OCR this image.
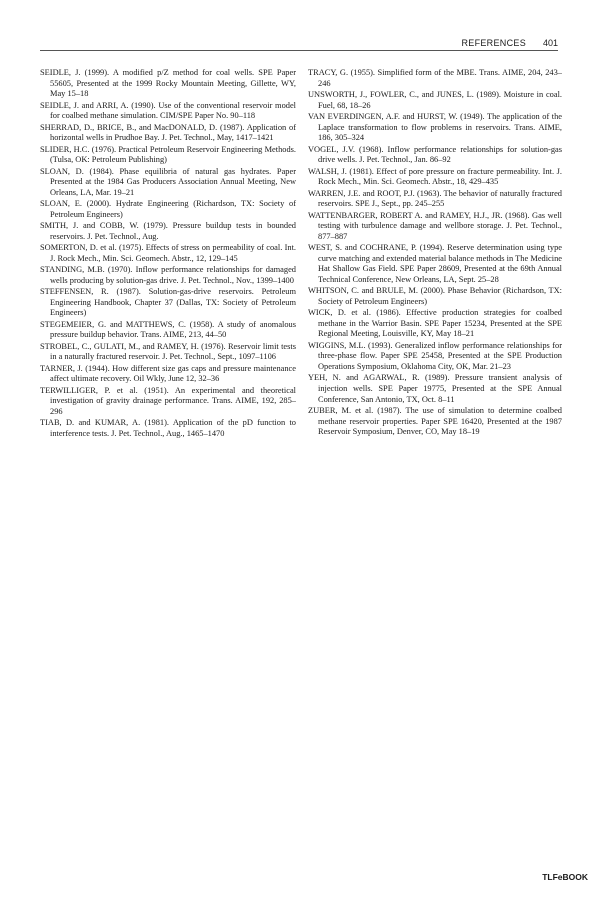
REFERENCES 401

SEIDLE, J. (1999). A modified p/Z method for coal wells. SPE Paper 55605, Presented at the 1999 Rocky Mountain Meeting, Gillette, WY, May 15–18

SEIDLE, J. and ARRI, A. (1990). Use of the conventional reservoir model for coalbed methane simulation. CIM/SPE Paper No. 90–118

SHERRAD, D., BRICE, B., and MacDONALD, D. (1987). Application of horizontal wells in Prudhoe Bay. J. Pet. Technol., May, 1417–1421

SLIDER, H.C. (1976). Practical Petroleum Reservoir Engineering Methods. (Tulsa, OK: Petroleum Publishing)

SLOAN, D. (1984). Phase equilibria of natural gas hydrates. Paper Presented at the 1984 Gas Producers Association Annual Meeting, New Orleans, LA, Mar. 19–21

SLOAN, E. (2000). Hydrate Engineering (Richardson, TX: Society of Petroleum Engineers)

SMITH, J. and COBB, W. (1979). Pressure buildup tests in bounded reservoirs. J. Pet. Technol., Aug.

SOMERTON, D. et al. (1975). Effects of stress on permeability of coal. Int. J. Rock Mech., Min. Sci. Geomech. Abstr., 12, 129–145

STANDING, M.B. (1970). Inflow performance relationships for damaged wells producing by solution-gas drive. J. Pet. Technol., Nov., 1399–1400

STEFFENSEN, R. (1987). Solution-gas-drive reservoirs. Petroleum Engineering Handbook, Chapter 37 (Dallas, TX: Society of Petroleum Engineers)

STEGEMEIER, G. and MATTHEWS, C. (1958). A study of anomalous pressure buildup behavior. Trans. AIME, 213, 44–50

STROBEL, C., GULATI, M., and RAMEY, H. (1976). Reservoir limit tests in a naturally fractured reservoir. J. Pet. Technol., Sept., 1097–1106

TARNER, J. (1944). How different size gas caps and pressure maintenance affect ultimate recovery. Oil Wkly, June 12, 32–36

TERWILLIGER, P. et al. (1951). An experimental and theoretical investigation of gravity drainage performance. Trans. AIME, 192, 285–296

TIAB, D. and KUMAR, A. (1981). Application of the pD function to interference tests. J. Pet. Technol., Aug., 1465–1470

TRACY, G. (1955). Simplified form of the MBE. Trans. AIME, 204, 243–246

UNSWORTH, J., FOWLER, C., and JUNES, L. (1989). Moisture in coal. Fuel, 68, 18–26

VAN EVERDINGEN, A.F. and HURST, W. (1949). The application of the Laplace transformation to flow problems in reservoirs. Trans. AIME, 186, 305–324

VOGEL, J.V. (1968). Inflow performance relationships for solution-gas drive wells. J. Pet. Technol., Jan. 86–92

WALSH, J. (1981). Effect of pore pressure on fracture permeability. Int. J. Rock Mech., Min. Sci. Geomech. Abstr., 18, 429–435

WARREN, J.E. and ROOT, P.J. (1963). The behavior of naturally fractured reservoirs. SPE J., Sept., pp. 245–255

WATTENBARGER, ROBERT A. and RAMEY, H.J., JR. (1968). Gas well testing with turbulence damage and wellbore storage. J. Pet. Technol., 877–887

WEST, S. and COCHRANE, P. (1994). Reserve determination using type curve matching and extended material balance methods in The Medicine Hat Shallow Gas Field. SPE Paper 28609, Presented at the 69th Annual Technical Conference, New Orleans, LA, Sept. 25–28

WHITSON, C. and BRULE, M. (2000). Phase Behavior (Richardson, TX: Society of Petroleum Engineers)

WICK, D. et al. (1986). Effective production strategies for coalbed methane in the Warrior Basin. SPE Paper 15234, Presented at the SPE Regional Meeting, Louisville, KY, May 18–21

WIGGINS, M.L. (1993). Generalized inflow performance relationships for three-phase flow. Paper SPE 25458, Presented at the SPE Production Operations Symposium, Oklahoma City, OK, Mar. 21–23

YEH, N. and AGARWAL, R. (1989). Pressure transient analysis of injection wells. SPE Paper 19775, Presented at the SPE Annual Conference, San Antonio, TX, Oct. 8–11

ZUBER, M. et al. (1987). The use of simulation to determine coalbed methane reservoir properties. Paper SPE 16420, Presented at the 1987 Reservoir Symposium, Denver, CO, May 18–19

TLFeBOOK
